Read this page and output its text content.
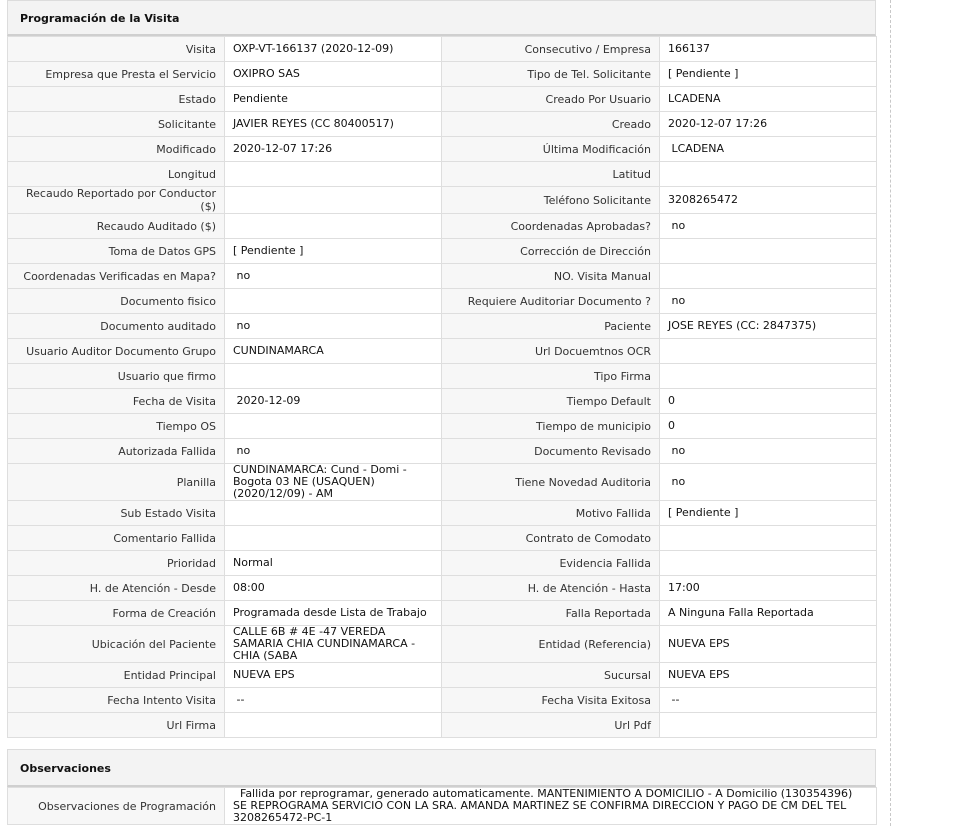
Programación de la Visita
Visita	OXP-VT-166137 (2020-12-09)	Consecutivo / Empresa	166137

Empresa que Presta el Servicio	OXIPRO SAS	Tipo de Tel. Solicitante	[ Pendiente ]

Estado	Pendiente	Creado Por Usuario	LCADENA

Solicitante	JAVIER REYES (CC 80400517)	Creado	2020-12-07 17:26

Modificado	2020-12-07 17:26	Última Modificación	LCADENA

Longitud		Latitud	

Recaudo Reportado por Conductor ($)		Teléfono Solicitante	3208265472

Recaudo Auditado ($)		Coordenadas Aprobadas?	no

Toma de Datos GPS	[ Pendiente ]	Corrección de Dirección	

Coordenadas Verificadas en Mapa?	no	NO. Visita Manual	

Documento fisico		Requiere Auditoriar Documento ?	no

Documento auditado	no	Paciente	JOSE REYES (CC: 2847375)

Usuario Auditor Documento Grupo	CUNDINAMARCA	Url Docuemtnos OCR	

Usuario que firmo		Tipo Firma	

Fecha de Visita	2020-12-09	Tiempo Default	0

Tiempo OS		Tiempo de municipio	0

Autorizada Fallida	no	Documento Revisado	no

Planilla	CUNDINAMARCA: Cund - Domi - Bogota 03 NE (USAQUEN) (2020/12/09) - AM	Tiene Novedad Auditoria	no

Sub Estado Visita		Motivo Fallida	[ Pendiente ]

Comentario Fallida		Contrato de Comodato	

Prioridad	Normal	Evidencia Fallida	

H. de Atención - Desde	08:00	H. de Atención - Hasta	17:00

Forma de Creación	Programada desde Lista de Trabajo	Falla Reportada	A Ninguna Falla Reportada

Ubicación del Paciente	CALLE 6B # 4E -47 VEREDA SAMARIA CHIA CUNDINAMARCA - CHIA (SABA	Entidad (Referencia)	NUEVA EPS

Entidad Principal	NUEVA EPS	Sucursal	NUEVA EPS

Fecha Intento Visita	--	Fecha Visita Exitosa	--

Url Firma		Url Pdf	
Observaciones
Observaciones de Programación	
Fallida por reprogramar, generado automaticamente. MANTENIMIENTO A DOMICILIO - A Domicilio (130354396) SE REPROGRAMA SERVICIO CON LA SRA. AMANDA MARTINEZ SE CONFIRMA DIRECCION Y PAGO DE CM DEL TEL 3208265472-PC-1
